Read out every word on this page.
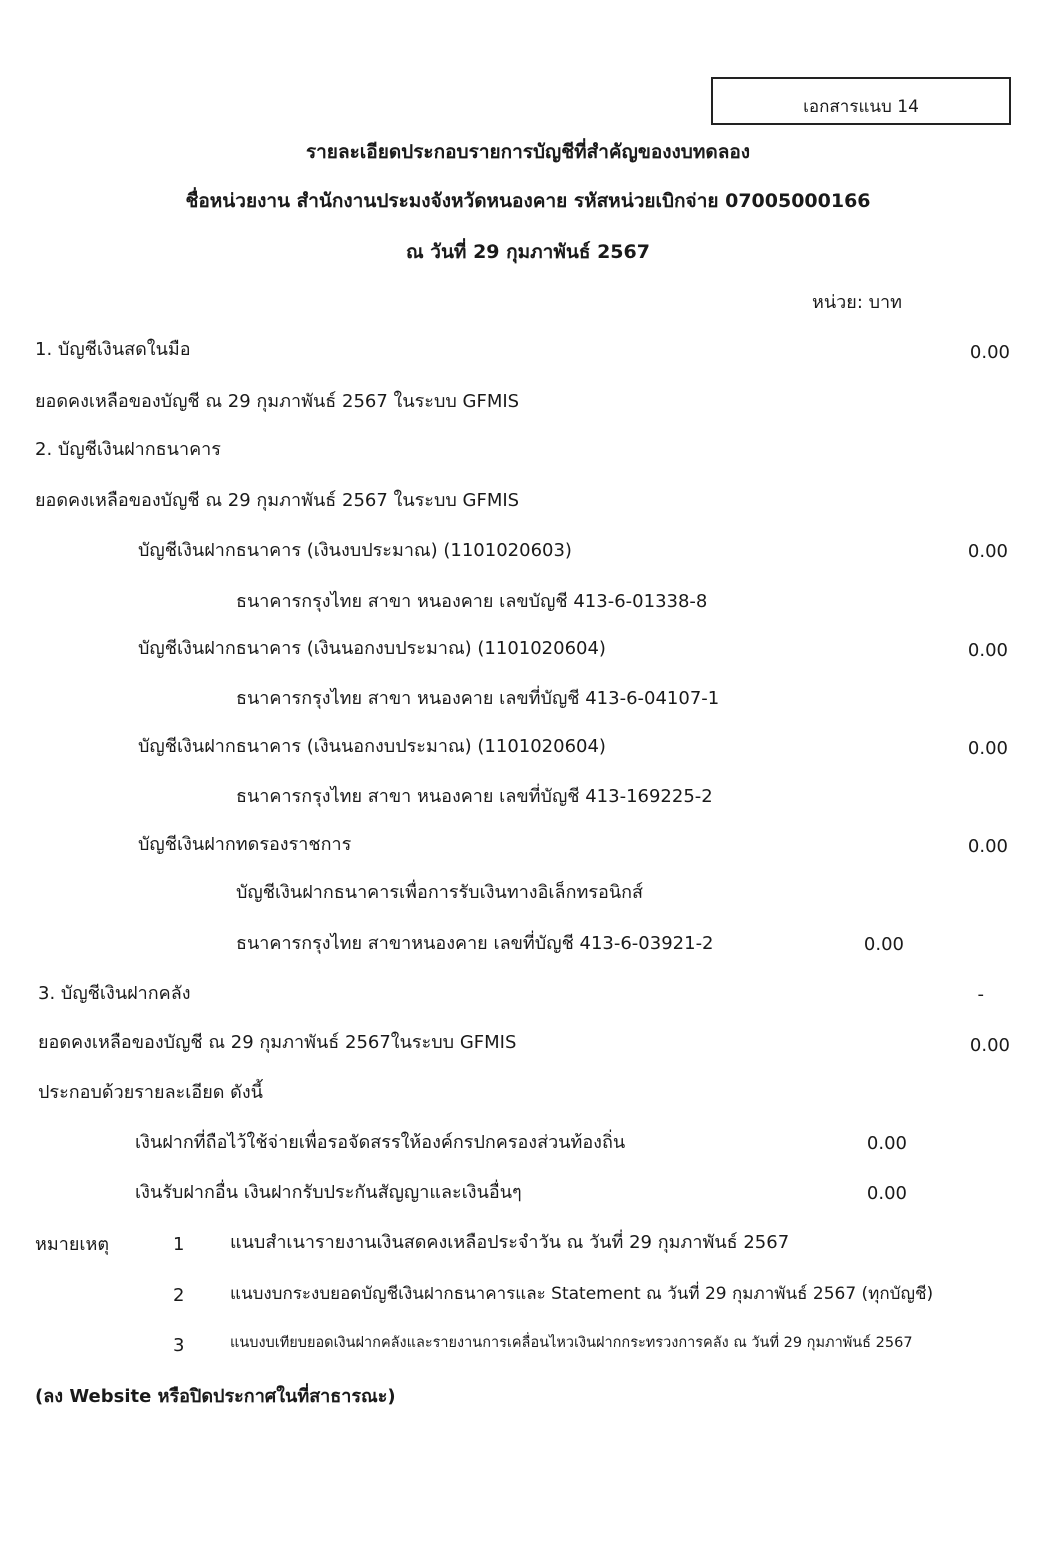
เอกสารแนบ 14
รายละเอียดประกอบรายการบัญชีที่สำคัญของงบทดลอง
ชื่อหน่วยงาน สำนักงานประมงจังหวัดหนองคาย รหัสหน่วยเบิกจ่าย 07005000166
ณ วันที่ 29 กุมภาพันธ์ 2567
หน่วย: บาท
1. บัญชีเงินสดในมือ	0.00
ยอดคงเหลือของบัญชี ณ 29 กุมภาพันธ์ 2567 ในระบบ GFMIS
2. บัญชีเงินฝากธนาคาร
ยอดคงเหลือของบัญชี ณ 29 กุมภาพันธ์ 2567 ในระบบ GFMIS
บัญชีเงินฝากธนาคาร (เงินงบประมาณ) (1101020603)	0.00
ธนาคารกรุงไทย สาขา หนองคาย เลขบัญชี 413-6-01338-8
บัญชีเงินฝากธนาคาร (เงินนอกงบประมาณ) (1101020604)	0.00
ธนาคารกรุงไทย สาขา หนองคาย เลขที่บัญชี 413-6-04107-1
บัญชีเงินฝากธนาคาร (เงินนอกงบประมาณ) (1101020604)	0.00
ธนาคารกรุงไทย สาขา หนองคาย เลขที่บัญชี 413-169225-2
บัญชีเงินฝากทดรองราชการ	0.00
บัญชีเงินฝากธนาคารเพื่อการรับเงินทางอิเล็กทรอนิกส์
ธนาคารกรุงไทย สาขาหนองคาย เลขที่บัญชี 413-6-03921-2	0.00
3. บัญชีเงินฝากคลัง	-
ยอดคงเหลือของบัญชี ณ 29 กุมภาพันธ์ 2567ในระบบ GFMIS	0.00
ประกอบด้วยรายละเอียด ดังนี้
เงินฝากที่ถือไว้ใช้จ่ายเพื่อรอจัดสรรให้องค์กรปกครองส่วนท้องถิ่น	0.00
เงินรับฝากอื่น เงินฝากรับประกันสัญญาและเงินอื่นๆ	0.00
หมายเหตุ	1	แนบสำเนารายงานเงินสดคงเหลือประจำวัน ณ วันที่ 29 กุมภาพันธ์ 2567
2	แนบงบกระงบยอดบัญชีเงินฝากธนาคารและ Statement ณ วันที่ 29 กุมภาพันธ์ 2567 (ทุกบัญชี)
3	แนบงบเทียบยอดเงินฝากคลังและรายงานการเคลื่อนไหวเงินฝากกระทรวงการคลัง ณ วันที่ 29 กุมภาพันธ์ 2567
(ลง Website หรือปิดประกาศในที่สาธารณะ)
